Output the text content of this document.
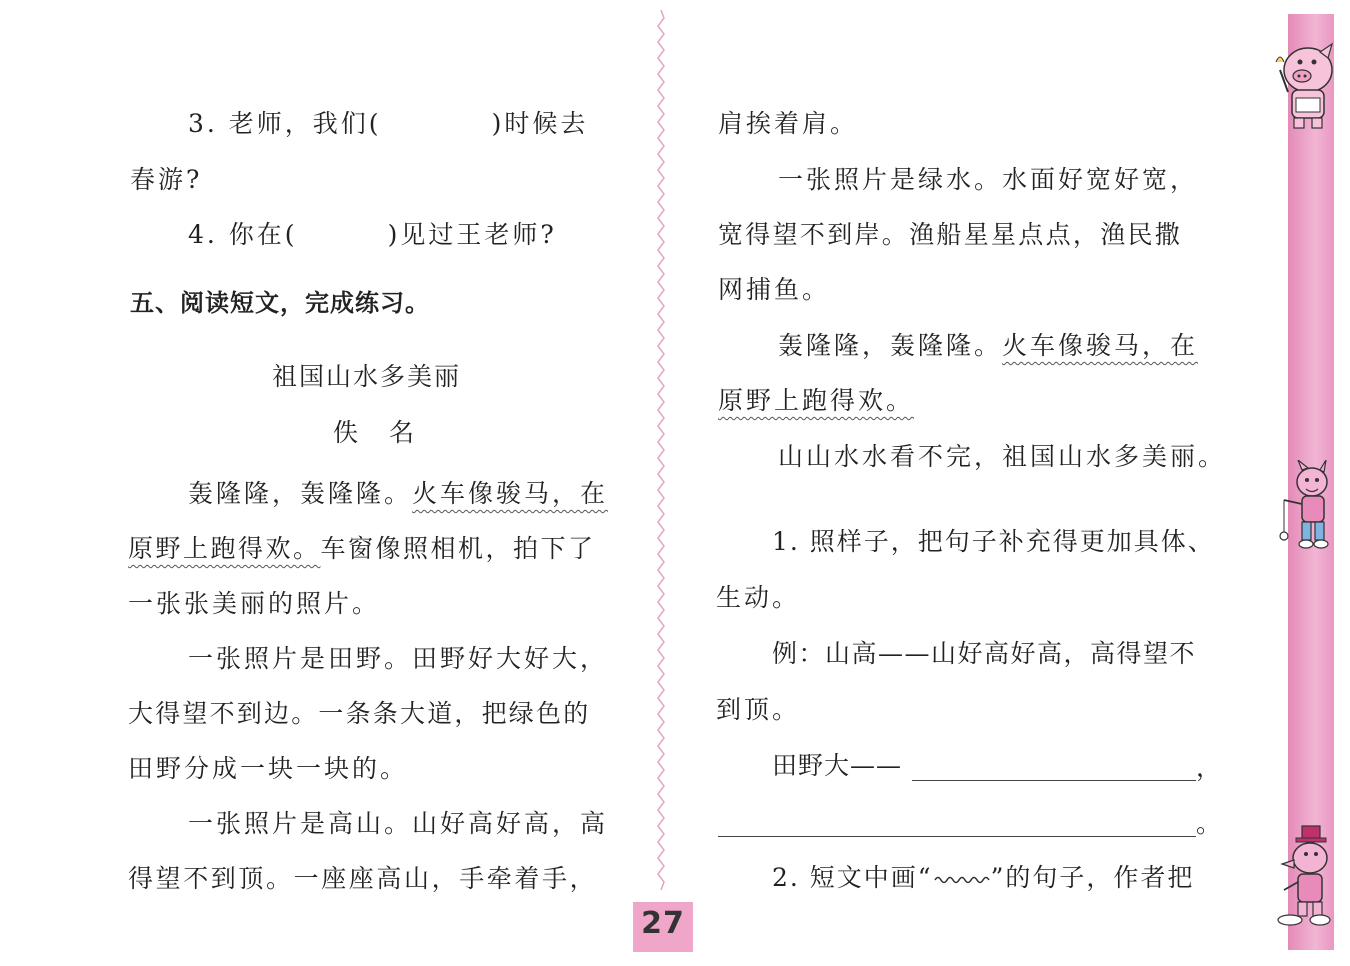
3. 老师，我们(	)时候去
春游?
4. 你在(	)见过王老师?
五、阅读短文，完成练习。
祖国山水多美丽
佚　名
轰隆隆，轰隆隆。火车像骏马，在
原野上跑得欢。车窗像照相机，拍下了
一张张美丽的照片。
一张照片是田野。田野好大好大，
大得望不到边。一条条大道，把绿色的
田野分成一块一块的。
一张照片是高山。山好高好高，高
得望不到顶。一座座高山，手牵着手，
肩挨着肩。
一张照片是绿水。水面好宽好宽，
宽得望不到岸。渔船星星点点，渔民撒
网捕鱼。
轰隆隆，轰隆隆。火车像骏马，在
原野上跑得欢。
山山水水看不完，祖国山水多美丽。
1. 照样子，把句子补充得更加具体、
生动。
例：山高——山好高好高，高得望不
到顶。
田野大——	，
。
2. 短文中画“ ”的句子，作者把
27
